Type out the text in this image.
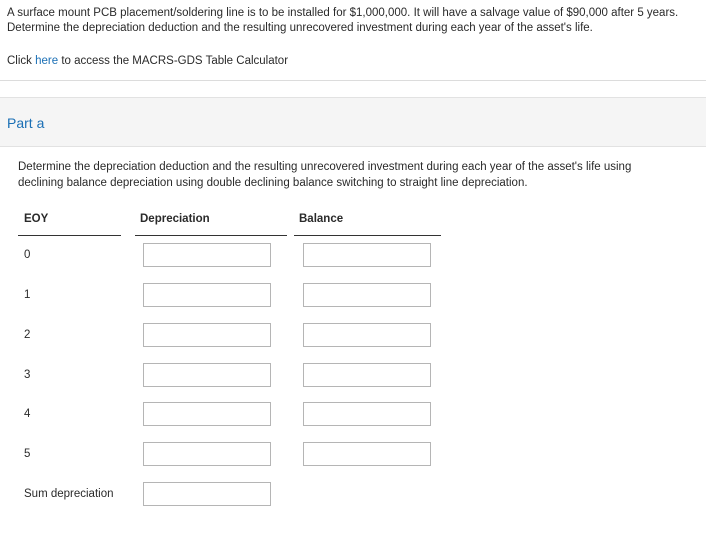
A surface mount PCB placement/soldering line is to be installed for $1,000,000. It will have a salvage value of $90,000 after 5 years. Determine the depreciation deduction and the resulting unrecovered investment during each year of the asset's life.
Click here to access the MACRS-GDS Table Calculator
Part a
Determine the depreciation deduction and the resulting unrecovered investment during each year of the asset's life using declining balance depreciation using double declining balance switching to straight line depreciation.
EOY	Depreciation	Balance
0
1
2
3
4
5
Sum depreciation
